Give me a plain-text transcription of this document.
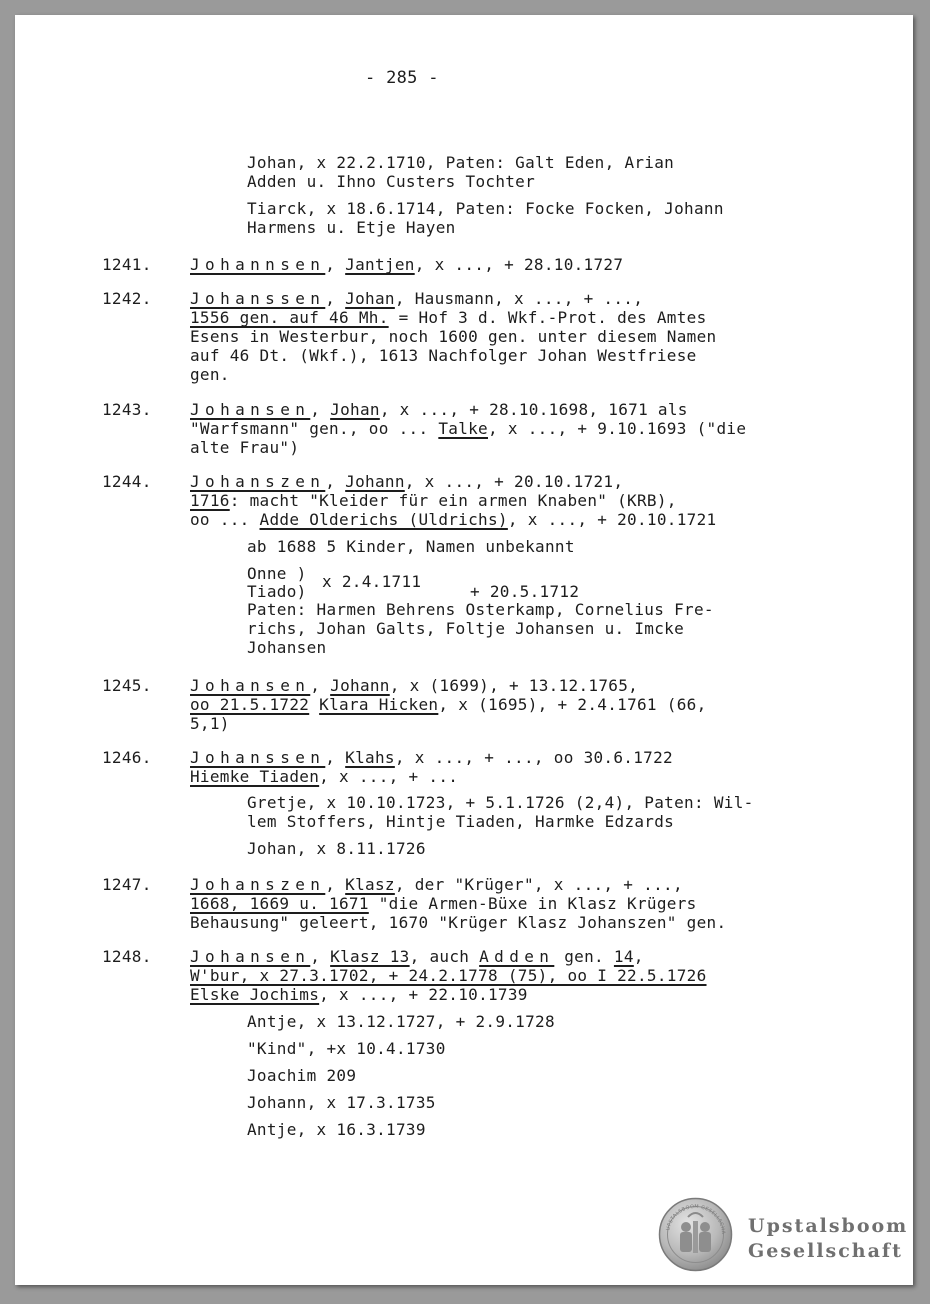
- 285 -
Johan, x 22.2.1710, Paten: Galt Eden, Arian
Adden u. Ihno Custers Tochter
Tiarck, x 18.6.1714, Paten: Focke Focken, Johann
Harmens u. Etje Hayen
1241. Johannsen, Jantjen, x ..., + 28.10.1727
1242. Johanssen, Johan, Hausmann, x ..., + ...,
1556 gen. auf 46 Mh. = Hof 3 d. Wkf.-Prot. des Amtes
Esens in Westerbur, noch 1600 gen. unter diesem Namen
auf 46 Dt. (Wkf.), 1613 Nachfolger Johan Westfriese
gen.
1243. Johansen, Johan, x ..., + 28.10.1698, 1671 als
"Warfsmann" gen., oo ... Talke, x ..., + 9.10.1693 ("die
alte Frau")
1244. Johanszen, Johann, x ..., + 20.10.1721,
1716: macht "Kleider für ein armen Knaben" (KRB),
oo ... Adde Olderichs (Uldrichs), x ..., + 20.10.1721
ab 1688 5 Kinder, Namen unbekannt
Onne )
Tiado)
x 2.4.1711
+ 20.5.1712
Paten: Harmen Behrens Osterkamp, Cornelius Fre-
richs, Johan Galts, Foltje Johansen u. Imcke
Johansen
1245. Johansen, Johann, x (1699), + 13.12.1765,
oo 21.5.1722 Klara Hicken, x (1695), + 2.4.1761 (66,
5,1)
1246. Johanssen, Klahs, x ..., + ..., oo 30.6.1722
Hiemke Tiaden, x ..., + ...
Gretje, x 10.10.1723, + 5.1.1726 (2,4), Paten: Wil-
lem Stoffers, Hintje Tiaden, Harmke Edzards
Johan, x 8.11.1726
1247. Johanszen, Klasz, der "Krüger", x ..., + ...,
1668, 1669 u. 1671 "die Armen-Büxe in Klasz Krügers
Behausung" geleert, 1670 "Krüger Klasz Johanszen" gen.
1248. Johansen, Klasz 13, auch Adden gen. 14,
W'bur, x 27.3.1702, + 24.2.1778 (75), oo I 22.5.1726
Elske Jochims, x ..., + 22.10.1739
Antje, x 13.12.1727, + 2.9.1728
"Kind", +x 10.4.1730
Joachim 209
Johann, x 17.3.1735
Antje, x 16.3.1739
UPSTALSBOOM GESELLSCHA Upstalsboom
Gesellschaft
